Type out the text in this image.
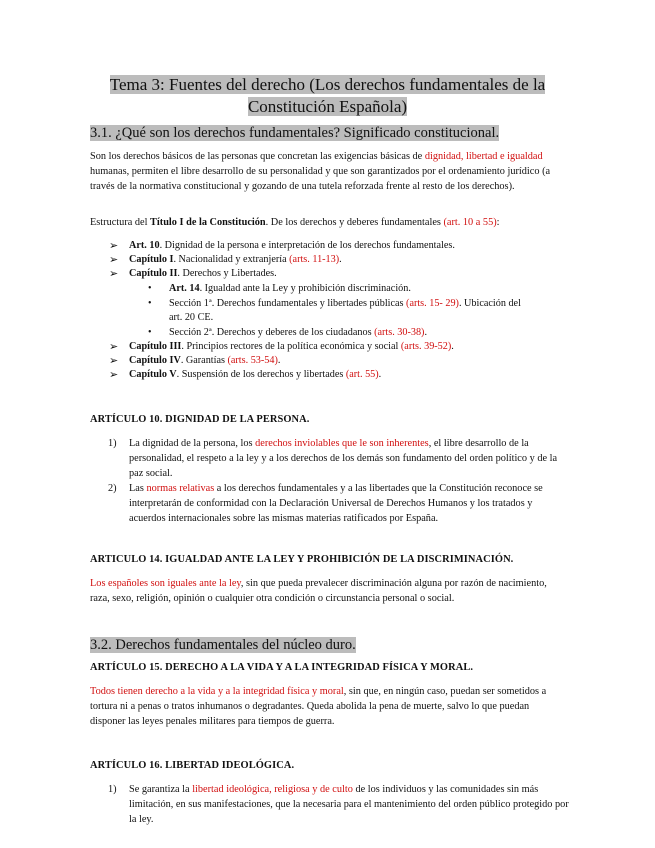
Tema 3: Fuentes del derecho (Los derechos fundamentales de la
Constitución Española)
3.1. ¿Qué son los derechos fundamentales? Significado constitucional.

Son los derechos básicos de las personas que concretan las exigencias básicas de dignidad, libertad e igualdad humanas, permiten el libre desarrollo de su personalidad y que son garantizados por el ordenamiento jurídico (a través de la normativa constitucional y gozando de una tutela reforzada frente al resto de los derechos).

Estructura del Título I de la Constitución. De los derechos y deberes fundamentales (art. 10 a 55):

➢ Art. 10. Dignidad de la persona e interpretación de los derechos fundamentales.
➢ Capítulo I. Nacionalidad y extranjería (arts. 11-13).
➢ Capítulo II. Derechos y Libertades.
• Art. 14. Igualdad ante la Ley y prohibición discriminación.
• Sección 1ª. Derechos fundamentales y libertades públicas (arts. 15- 29). Ubicación del
art. 20 CE.
• Sección 2ª. Derechos y deberes de los ciudadanos (arts. 30-38).
➢ Capítulo III. Principios rectores de la política económica y social (arts. 39-52).
➢ Capítulo IV. Garantías (arts. 53-54).
➢ Capítulo V. Suspensión de los derechos y libertades (art. 55).
ARTÍCULO 10. DIGNIDAD DE LA PERSONA.
1) La dignidad de la persona, los derechos inviolables que le son inherentes, el libre desarrollo de la personalidad, el respeto a la ley y a los derechos de los demás son fundamento del orden político y de la paz social.

2) Las normas relativas a los derechos fundamentales y a las libertades que la Constitución reconoce se interpretarán de conformidad con la Declaración Universal de Derechos Humanos y los tratados y acuerdos internacionales sobre las mismas materias ratificados por España.

ARTICULO 14. IGUALDAD ANTE LA LEY Y PROHIBICIÓN DE LA DISCRIMINACIÓN.

Los españoles son iguales ante la ley, sin que pueda prevalecer discriminación alguna por razón de nacimiento, raza, sexo, religión, opinión o cualquier otra condición o circunstancia personal o social.

3.2. Derechos fundamentales del núcleo duro.
ARTÍCULO 15. DERECHO A LA VIDA Y A LA INTEGRIDAD FÍSICA Y MORAL.

Todos tienen derecho a la vida y a la integridad física y moral, sin que, en ningún caso, puedan ser sometidos a tortura ni a penas o tratos inhumanos o degradantes. Queda abolida la pena de muerte, salvo lo que puedan disponer las leyes penales militares para tiempos de guerra.

ARTÍCULO 16. LIBERTAD IDEOLÓGICA.
1) Se garantiza la libertad ideológica, religiosa y de culto de los individuos y las comunidades sin más limitación, en sus manifestaciones, que la necesaria para el mantenimiento del orden público protegido por la ley.
